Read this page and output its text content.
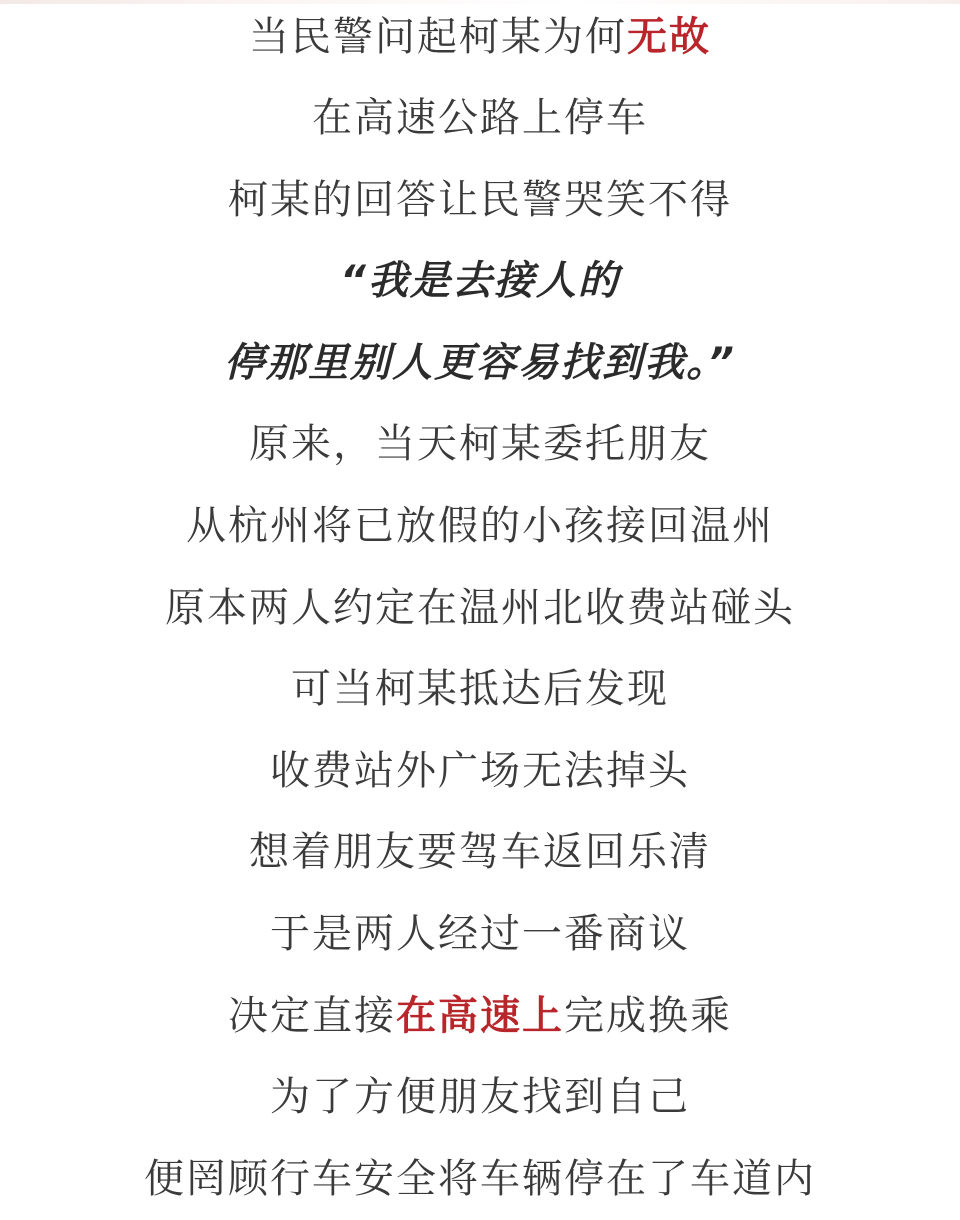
当民警问起柯某为何无故
在高速公路上停车
柯某的回答让民警哭笑不得
“我是去接人的
停那里别人更容易找到我。”
原来，当天柯某委托朋友
从杭州将已放假的小孩接回温州
原本两人约定在温州北收费站碰头
可当柯某抵达后发现
收费站外广场无法掉头
想着朋友要驾车返回乐清
于是两人经过一番商议
决定直接在高速上完成换乘
为了方便朋友找到自己
便罔顾行车安全将车辆停在了车道内
